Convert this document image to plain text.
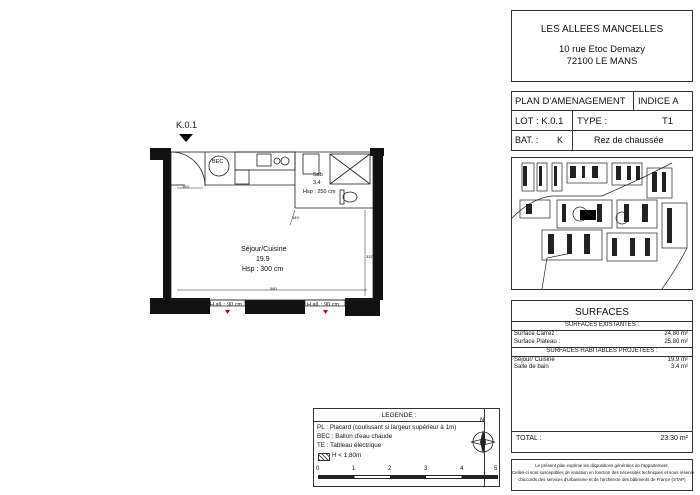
LES ALLEES MANCELLES
10 rue Etoc Demazy
72100 LE MANS
PLAN D'AMENAGEMENT INDICE A
LOT : K.0.1 TYPE :	T1
BAT. : K	Rez de chaussée
SURFACES
SURFACES EXISTANTES :
Surface Carrez :	24.80 m²
Surface Plateau :	25.80 m²
SURFACES HABITABLES PROJETEES :
Séjour/ Cuisine	19.9 m²
Salle de bain	3.4 m²
TOTAL :	23.30 m²
Le présent plan exprime les dispositions générales de l'appartement.
Celles-ci sont susceptibles de variation en fonction des nécessités techniques et sous réserve
d'accords des services d'urbanisme et de l'architecte des bâtiments de France (STAP)
LEGENDE :
PL : Placard (coulissant si largeur supérieur à 1m)
BEC : Ballon d'eau chaude
TE : Tableau électrique
H < 1,80m
N
0	1	2	3	4	5
K.0.1
BEC
Sdb
3.4
Hsp : 250 cm
Séjour/Cuisine
19.9
Hsp : 300 cm
183
580
337
149
H.all. : 90 cm	H.all. : 90 cm
